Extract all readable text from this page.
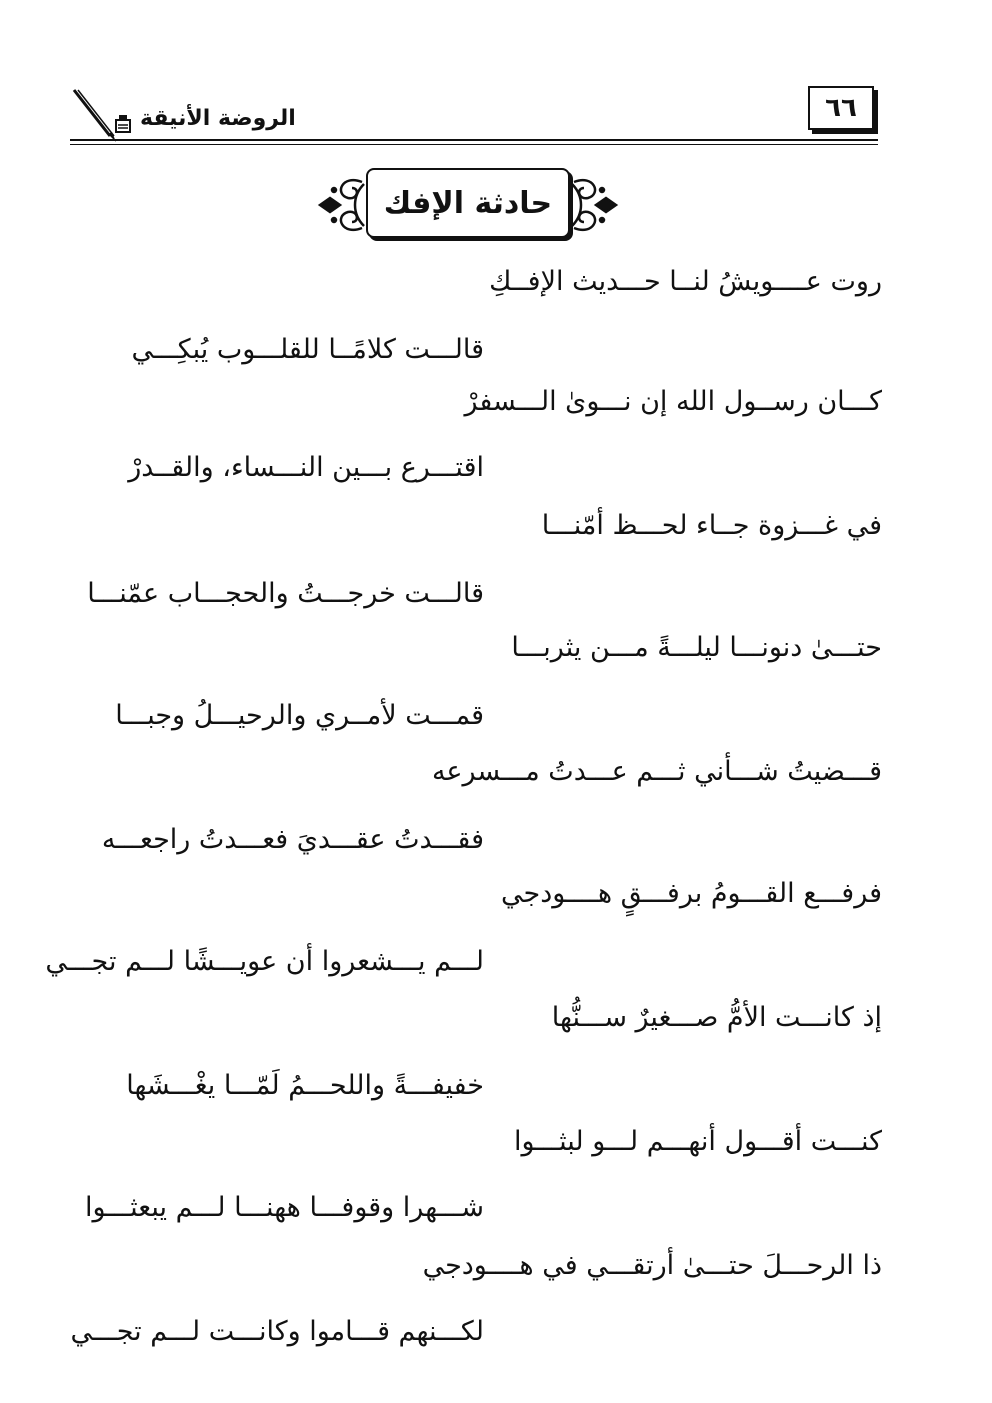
٦٦
الروضة الأنيقة
حادثة الإفك
روت عــــويشُ لنــا حـــديث الإفــكِ
قالـــت كلامًــا للقلـــوب يُبكِـــي
كـــان رســول الله إن نـــوىٰ الـــسفرْ
اقتـــرع بـــين النـــساء، والقــدرْ
في غـــزوة جــاء لحـــظ أمّنـــا
قالـــت خرجـــتُ والحجـــاب عمّنـــا
حتـــىٰ دنونـــا ليلـــةً مـــن يثربـــا
قمـــت لأمــري والرحيـــلُ وجبـــا
قـــضيتُ شـــأني ثـــم عـــدتُ مـــسرعه
فقـــدتُ عقـــديَ فعـــدتُ راجعـــه
فرفـــع القـــومُ برفـــقٍ هــــودجي
لـــم يـــشعروا أن عويـــشًا لـــم تجـــي
إذ كانـــت الأمُّ صـــغيرٌ ســـنُّها
خفيفـــةً واللحـــمُ لَمّـــا يغْـــشَها
كنـــت أقـــول أنهـــم لـــو لبثـــوا
شـــهرا وقوفـــا ههنـــا لـــم يبعثـــوا
ذا الرحـــلَ حتـــىٰ أرتقـــي في هــــودجي
لكـــنهم قـــاموا وكانـــت لـــم تجـــي
